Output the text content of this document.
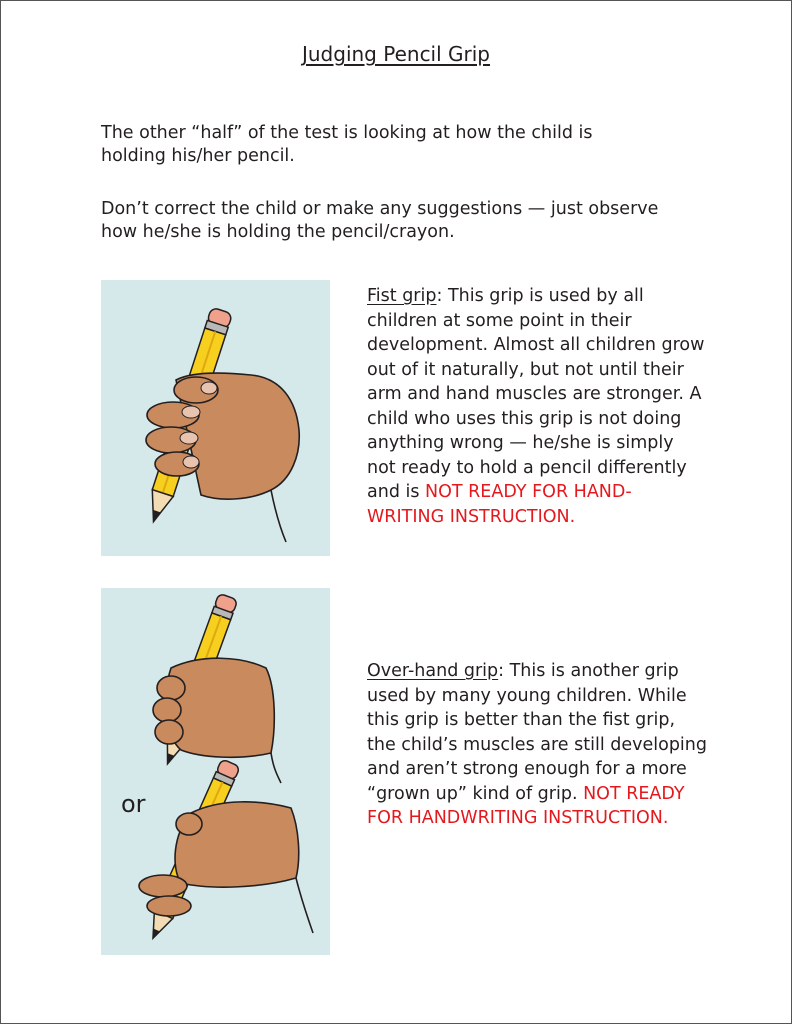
Judging Pencil Grip

The other “half” of the test is looking at how the child is holding his/her pencil.

Don’t correct the child or make any suggestions — just observe how he/she is holding the pencil/crayon.

Fist grip: This grip is used by all children at some point in their development. Almost all children grow out of it naturally, but not until their arm and hand muscles are stronger. A child who uses this grip is not doing anything wrong — he/she is simply not ready to hold a pencil differently and is NOT READY FOR HAND-WRITING INSTRUCTION.

or

Over-hand grip: This is another grip used by many young children. While this grip is better than the fist grip, the child’s muscles are still developing and aren’t strong enough for a more “grown up” kind of grip. NOT READY FOR HANDWRITING INSTRUCTION.
